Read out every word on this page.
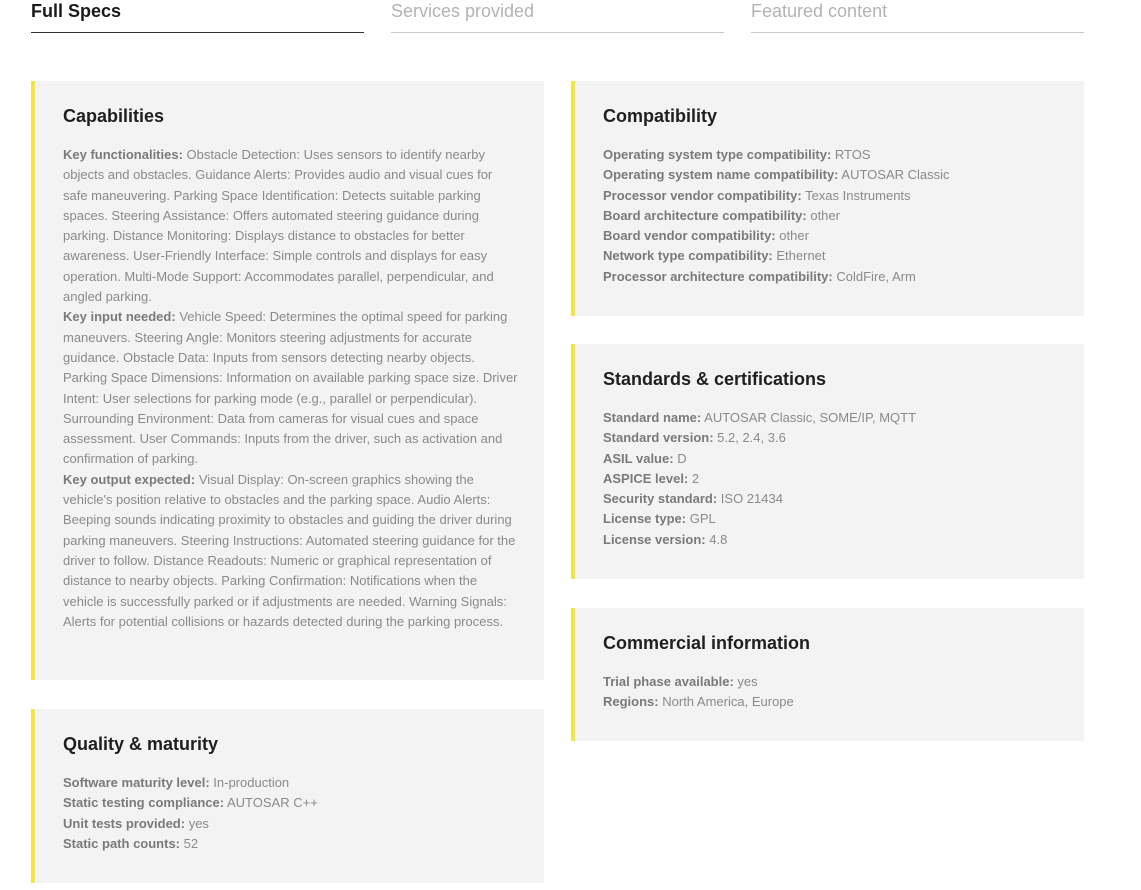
Full Specs	Services provided	Featured content
Capabilities
Key functionalities: Obstacle Detection: Uses sensors to identify nearby objects and obstacles. Guidance Alerts: Provides audio and visual cues for safe maneuvering. Parking Space Identification: Detects suitable parking spaces. Steering Assistance: Offers automated steering guidance during parking. Distance Monitoring: Displays distance to obstacles for better awareness. User-Friendly Interface: Simple controls and displays for easy operation. Multi-Mode Support: Accommodates parallel, perpendicular, and angled parking.
Key input needed: Vehicle Speed: Determines the optimal speed for parking maneuvers. Steering Angle: Monitors steering adjustments for accurate guidance. Obstacle Data: Inputs from sensors detecting nearby objects. Parking Space Dimensions: Information on available parking space size. Driver Intent: User selections for parking mode (e.g., parallel or perpendicular). Surrounding Environment: Data from cameras for visual cues and space assessment. User Commands: Inputs from the driver, such as activation and confirmation of parking.
Key output expected: Visual Display: On-screen graphics showing the vehicle's position relative to obstacles and the parking space. Audio Alerts: Beeping sounds indicating proximity to obstacles and guiding the driver during parking maneuvers. Steering Instructions: Automated steering guidance for the driver to follow. Distance Readouts: Numeric or graphical representation of distance to nearby objects. Parking Confirmation: Notifications when the vehicle is successfully parked or if adjustments are needed. Warning Signals: Alerts for potential collisions or hazards detected during the parking process.
Quality & maturity
Software maturity level: In-production
Static testing compliance: AUTOSAR C++
Unit tests provided: yes
Static path counts: 52
Compatibility
Operating system type compatibility: RTOS
Operating system name compatibility: AUTOSAR Classic
Processor vendor compatibility: Texas Instruments
Board architecture compatibility: other
Board vendor compatibility: other
Network type compatibility: Ethernet
Processor architecture compatibility: ColdFire, Arm
Standards & certifications
Standard name: AUTOSAR Classic, SOME/IP, MQTT
Standard version: 5.2, 2.4, 3.6
ASIL value: D
ASPICE level: 2
Security standard: ISO 21434
License type: GPL
License version: 4.8
Commercial information
Trial phase available: yes
Regions: North America, Europe
